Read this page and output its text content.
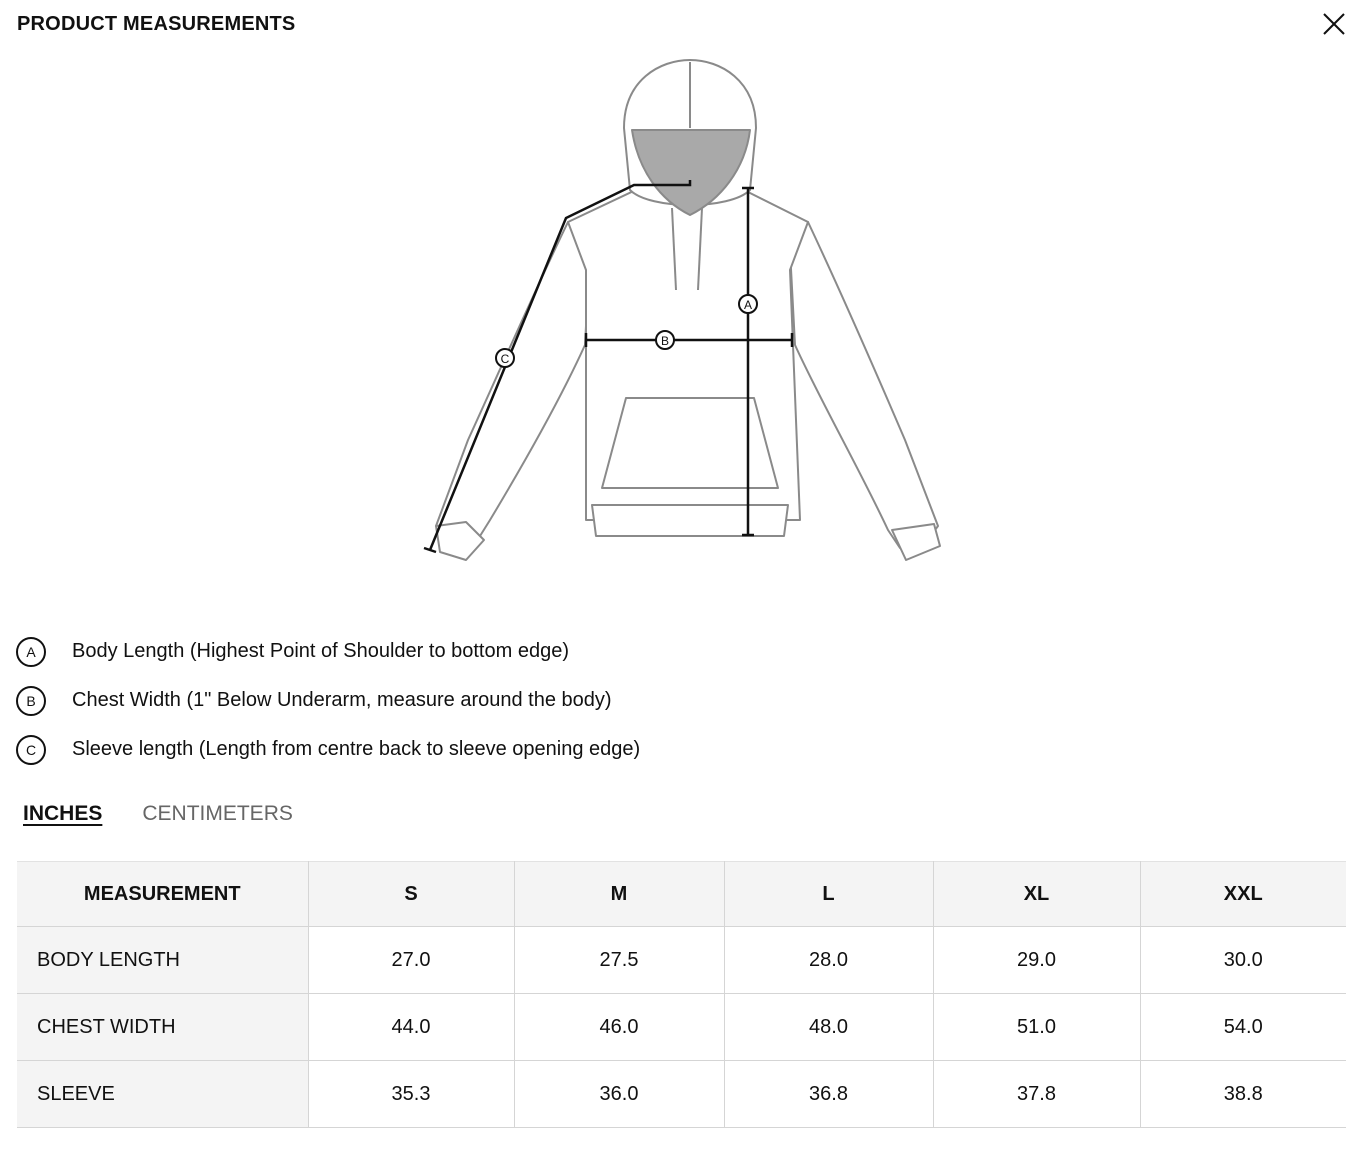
PRODUCT MEASUREMENTS
A
B
C
A	Body Length (Highest Point of Shoulder to bottom edge)
B	Chest Width (1" Below Underarm, measure around the body)
C	Sleeve length (Length from centre back to sleeve opening edge)
INCHES CENTIMETERS
MEASUREMENT	S	M	L	XL	XXL
BODY LENGTH	27.0	27.5	28.0	29.0	30.0
CHEST WIDTH	44.0	46.0	48.0	51.0	54.0
SLEEVE	35.3	36.0	36.8	37.8	38.8
